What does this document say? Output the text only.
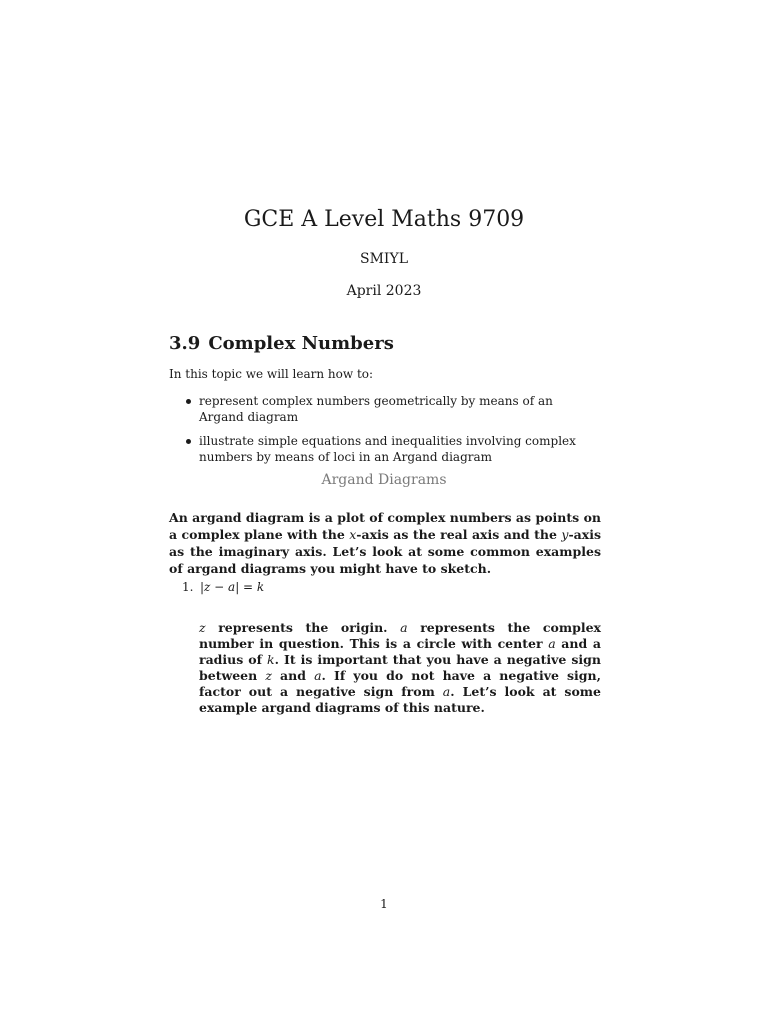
GCE A Level Maths 9709
SMIYL
April 2023
3.9 Complex Numbers
In this topic we will learn how to:
represent complex numbers geometrically by means of an Argand diagram
illustrate simple equations and inequalities involving complex numbers by means of loci in an Argand diagram
Argand Diagrams
An argand diagram is a plot of complex numbers as points on a complex plane with the x-axis as the real axis and the y-axis as the imaginary axis. Let’s look at some common examples of argand diagrams you might have to sketch.
1. |z − a| = k
z represents the origin. a represents the complex number in question. This is a circle with center a and a radius of k. It is important that you have a negative sign between z and a. If you do not have a negative sign, factor out a negative sign from a. Let’s look at some example argand diagrams of this nature.
1
